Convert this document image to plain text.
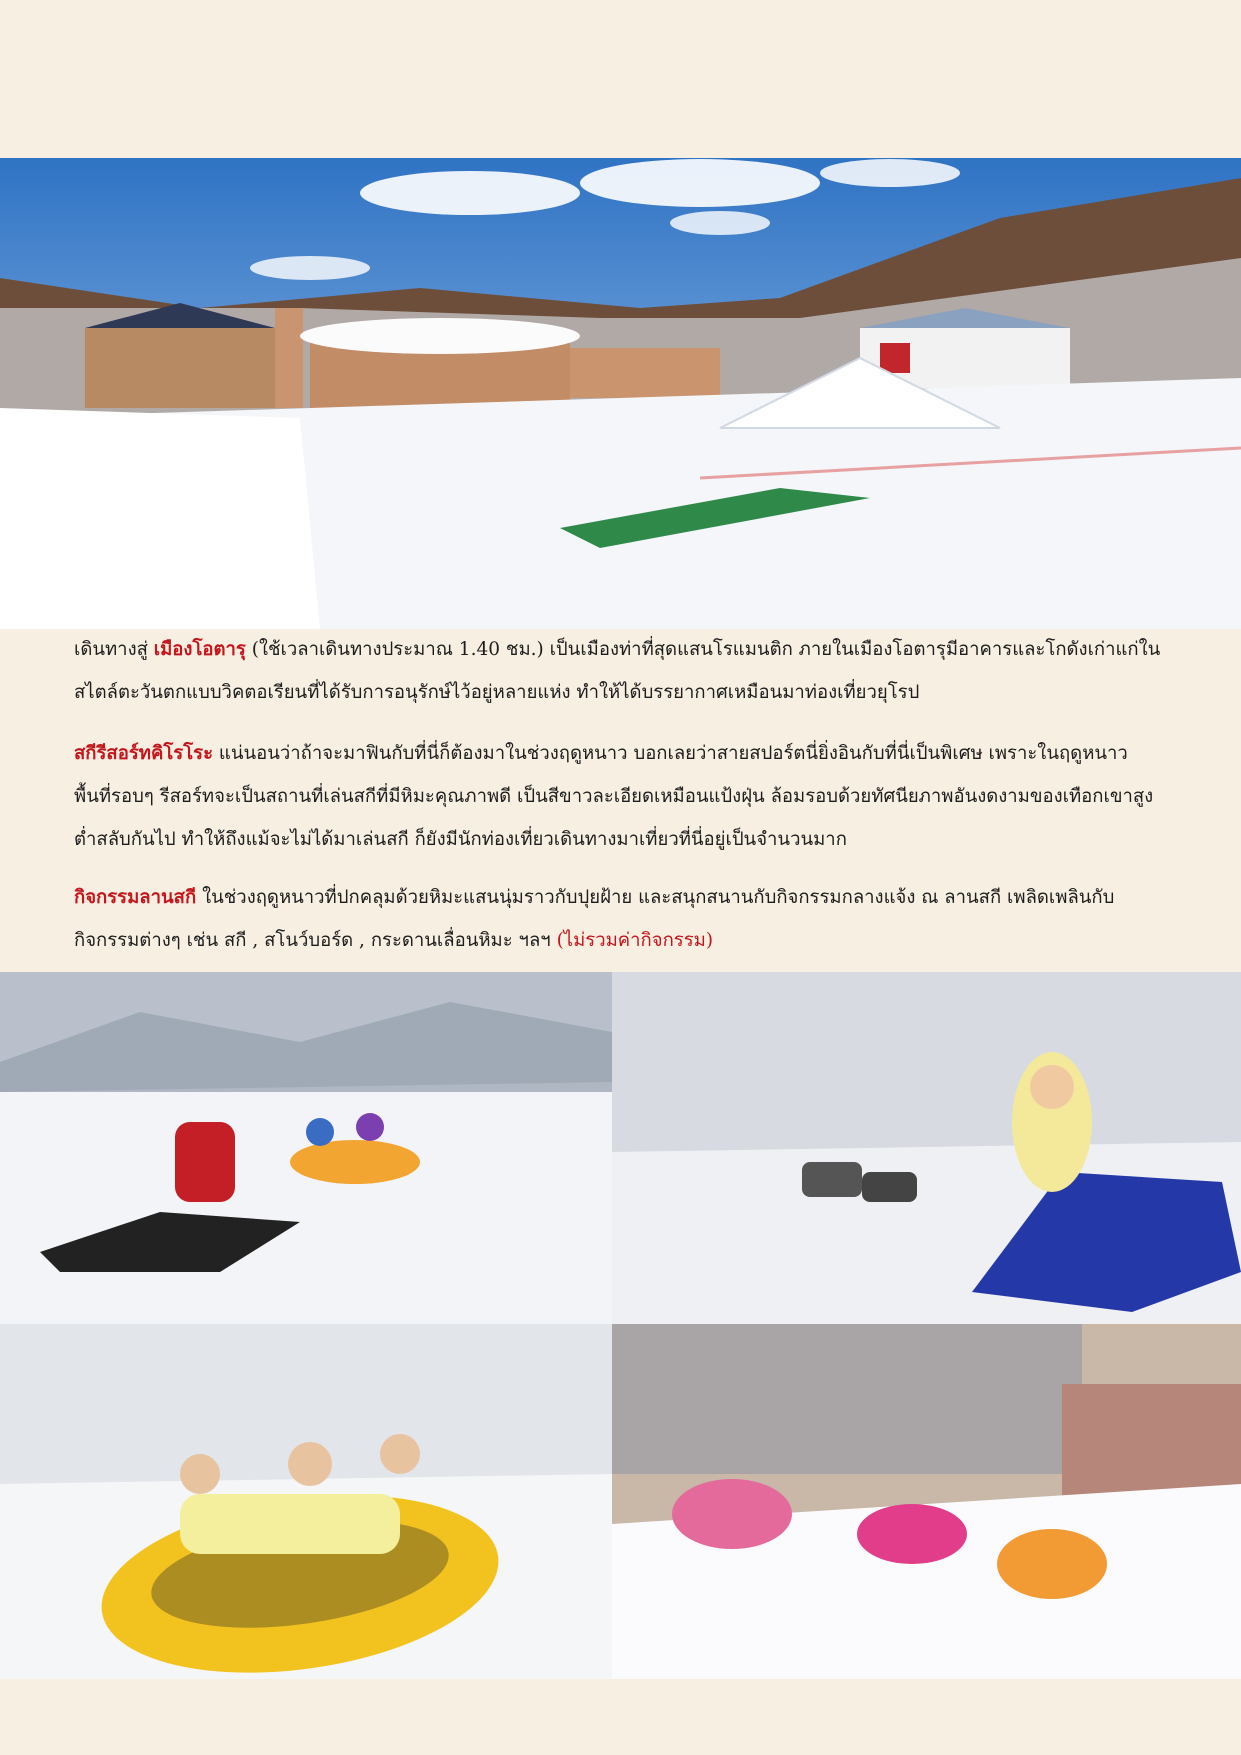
เดินทางสู่ เมืองโอตารุ (ใช้เวลาเดินทางประมาณ 1.40 ชม.) เป็นเมืองท่าที่สุดแสนโรแมนติก ภายในเมืองโอตารุมีอาคารและโกดังเก่าแก่ใน
สไตล์ตะวันตกแบบวิคตอเรียนที่ได้รับการอนุรักษ์ไว้อยู่หลายแห่ง ทำให้ได้บรรยากาศเหมือนมาท่องเที่ยวยุโรป
สกีรีสอร์ทคิโรโระ แน่นอนว่าถ้าจะมาฟินกับที่นี่ก็ต้องมาในช่วงฤดูหนาว บอกเลยว่าสายสปอร์ตนี่ยิ่งอินกับที่นี่เป็นพิเศษ เพราะในฤดูหนาว
พื้นที่รอบๆ รีสอร์ทจะเป็นสถานที่เล่นสกีที่มีหิมะคุณภาพดี เป็นสีขาวละเอียดเหมือนแป้งฝุ่น ล้อมรอบด้วยทัศนียภาพอันงดงามของเทือกเขาสูง
ต่ำสลับกันไป ทำให้ถึงแม้จะไม่ได้มาเล่นสกี ก็ยังมีนักท่องเที่ยวเดินทางมาเที่ยวที่นี่อยู่เป็นจำนวนมาก
กิจกรรมลานสกี ในช่วงฤดูหนาวที่ปกคลุมด้วยหิมะแสนนุ่มราวกับปุยฝ้าย และสนุกสนานกับกิจกรรมกลางแจ้ง ณ ลานสกี เพลิดเพลินกับ
กิจกรรมต่างๆ เช่น สกี , สโนว์บอร์ด , กระดานเลื่อนหิมะ ฯลฯ (ไม่รวมค่ากิจกรรม)
